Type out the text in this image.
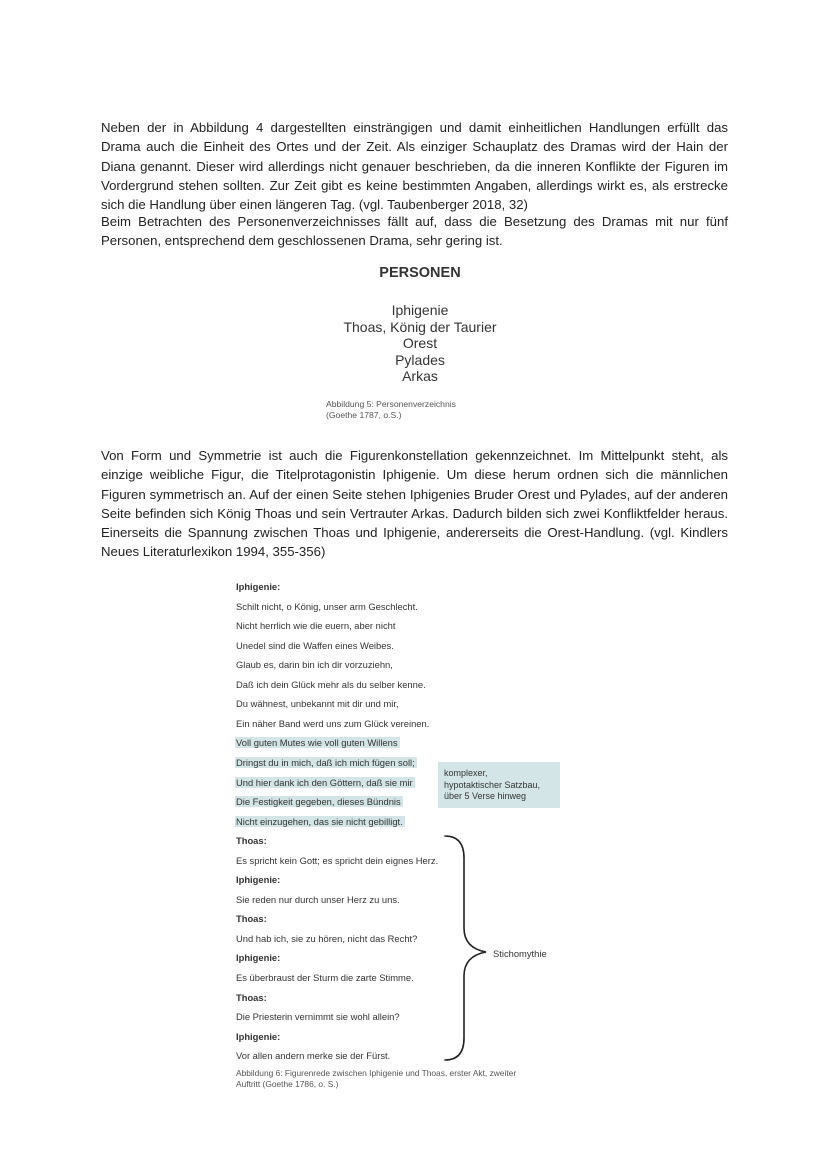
Neben der in Abbildung 4 dargestellten einsträngigen und damit einheitlichen Handlungen erfüllt das Drama auch die Einheit des Ortes und der Zeit. Als einziger Schauplatz des Dramas wird der Hain der Diana genannt. Dieser wird allerdings nicht genauer beschrieben, da die inneren Konflikte der Figuren im Vordergrund stehen sollten. Zur Zeit gibt es keine bestimmten Angaben, allerdings wirkt es, als erstrecke sich die Handlung über einen längeren Tag. (vgl. Taubenberger 2018, 32)

Beim Betrachten des Personenverzeichnisses fällt auf, dass die Besetzung des Dramas mit nur fünf Personen, entsprechend dem geschlossenen Drama, sehr gering ist.

PERSONEN
Iphigenie
Thoas, König der Taurier
Orest
Pylades
Arkas
Abbildung 5: Personenverzeichnis
(Goethe 1787, o.S.)

Von Form und Symmetrie ist auch die Figurenkonstellation gekennzeichnet. Im Mittelpunkt steht, als einzige weibliche Figur, die Titelprotagonistin Iphigenie. Um diese herum ordnen sich die männlichen Figuren symmetrisch an. Auf der einen Seite stehen Iphigenies Bruder Orest und Pylades, auf der anderen Seite befinden sich König Thoas und sein Vertrauter Arkas. Dadurch bilden sich zwei Konfliktfelder heraus. Einerseits die Spannung zwischen Thoas und Iphigenie, andererseits die Orest-Handlung. (vgl. Kindlers Neues Literaturlexikon 1994, 355-356)

Iphigenie:
Schilt nicht, o König, unser arm Geschlecht.
Nicht herrlich wie die euern, aber nicht
Unedel sind die Waffen eines Weibes.
Glaub es, darin bin ich dir vorzuziehn,
Daß ich dein Glück mehr als du selber kenne.
Du wähnest, unbekannt mit dir und mir,
Ein näher Band werd uns zum Glück vereinen.
Voll guten Mutes wie voll guten Willens
Dringst du in mich, daß ich mich fügen soll;
Und hier dank ich den Göttern, daß sie mir
Die Festigkeit gegeben, dieses Bündnis
Nicht einzugehen, das sie nicht gebilligt.
Thoas:
Es spricht kein Gott; es spricht dein eignes Herz.
Iphigenie:
Sie reden nur durch unser Herz zu uns.
Thoas:
Und hab ich, sie zu hören, nicht das Recht?
Iphigenie:
Es überbraust der Sturm die zarte Stimme.
Thoas:
Die Priesterin vernimmt sie wohl allein?
Iphigenie:
Vor allen andern merke sie der Fürst.
komplexer,
hypotaktischer Satzbau,
über 5 Verse hinweg
Stichomythie
Abbildung 6: Figurenrede zwischen Iphigenie und Thoas, erster Akt, zweiter
Auftritt (Goethe 1786, o. S.)
